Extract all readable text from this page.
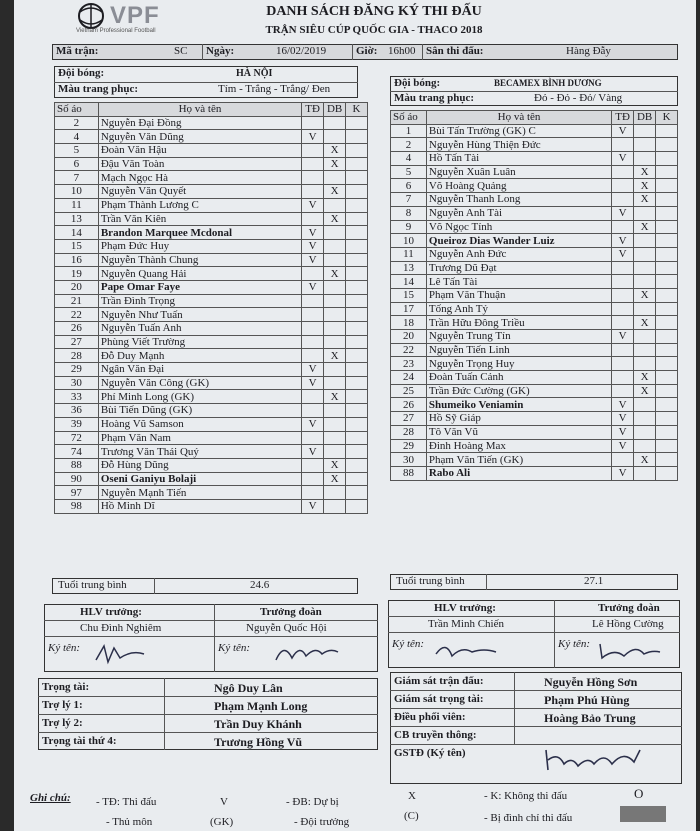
VPF
Vietnam Professional Football
DANH SÁCH ĐĂNG KÝ THI ĐẤU
TRẬN SIÊU CÚP QUỐC GIA - THACO 2018
Mã trận:	SC Ngày:	16/02/2019	Giờ: 16h00 Sân thi đấu:	Hàng Đẫy
Đội bóng:	HÀ NỘI
Màu trang phục:	Tím - Trắng - Trắng/ Đen	Đội bóng:	BECAMEX BÌNH DƯƠNG
Màu trang phục:	Đỏ - Đỏ - Đỏ/ Vàng
Số áo	Họ và tên	TĐ	DB	K
2	Nguyễn Đại Đồng			
4	Nguyễn Văn Dũng	V		
5	Đoàn Văn Hậu		X	
6	Đậu Văn Toàn		X	
7	Mạch Ngọc Hà			
10	Nguyễn Văn Quyết		X	
11	Phạm Thành Lương C	V		
13	Trần Văn Kiên		X	
14	Brandon Marquee Mcdonal	V		
15	Phạm Đức Huy	V		
16	Nguyễn Thành Chung	V		
19	Nguyễn Quang Hải		X	
20	Pape Omar Faye	V		
21	Trần Đình Trọng			
22	Nguyễn Như Tuấn			
26	Nguyễn Tuấn Anh			
27	Phùng Viết Trường			
28	Đỗ Duy Mạnh		X	
29	Ngân Văn Đại	V		
30	Nguyễn Văn Công (GK)	V		
33	Phí Minh Long (GK)		X	
36	Bùi Tiến Dũng (GK)			
39	Hoàng Vũ Samson	V		
72	Phạm Văn Nam			
74	Trương Văn Thái Quý	V		
88	Đỗ Hùng Dũng		X	
90	Oseni Ganiyu Bolaji		X	
97	Nguyễn Mạnh Tiến			
98	Hồ Minh Dĩ	V		
Số áo	Họ và tên	TĐ	DB	K
1	Bùi Tấn Trường (GK) C	V		
2	Nguyễn Hùng Thiện Đức			
4	Hồ Tấn Tài	V		
5	Nguyễn Xuân Luân		X	
6	Võ Hoàng Quảng		X	
7	Nguyễn Thanh Long		X	
8	Nguyễn Anh Tài	V		
9	Võ Ngọc Tính		X	
10	Queiroz Dias Wander Luiz	V		
11	Nguyễn Anh Đức	V		
13	Trương Dũ Đạt			
14	Lê Tấn Tài			
15	Phạm Văn Thuận		X	
17	Tống Anh Tỷ			
18	Trần Hữu Đông Triều		X	
20	Nguyễn Trung Tín	V		
22	Nguyễn Tiến Linh			
23	Nguyễn Trọng Huy			
24	Đoàn Tuấn Cảnh		X	
25	Trần Đức Cường (GK)		X	
26	Shumeiko Veniamin	V		
27	Hồ Sỹ Giáp	V		
28	Tô Văn Vũ	V		
29	Đinh Hoàng Max	V		
30	Phạm Văn Tiến (GK)		X	
88	Rabo Ali	V		
Tuổi trung bình	24.6	Tuổi trung bình	27.1
HLV trưởng:
Chu Đình Nghiêm
Trưởng đoàn
Nguyễn Quốc Hội
Ký tên:	Ký tên:
HLV trưởng:
Trần Minh Chiến
Trưởng đoàn
Lê Hồng Cường
Ký tên:	Ký tên:
Trọng tài:	Ngô Duy Lân
Trợ lý 1:	Phạm Mạnh Long
Trợ lý 2:	Trần Duy Khánh
Trọng tài thứ 4:	Trương Hồng Vũ
Giám sát trận đấu:	Nguyễn Hồng Sơn
Giám sát trọng tài:	Phạm Phú Hùng
Điều phối viên:	Hoàng Bảo Trung
CB truyền thông:
GSTĐ (Ký tên)
Ghi chú: - TĐ: Thi đấu	V	- ĐB: Dự bị	X	- K: Không thi đấu	O
- Thủ môn	(GK)	- Đội trưởng	(C)	- Bị đình chỉ thi đấu
